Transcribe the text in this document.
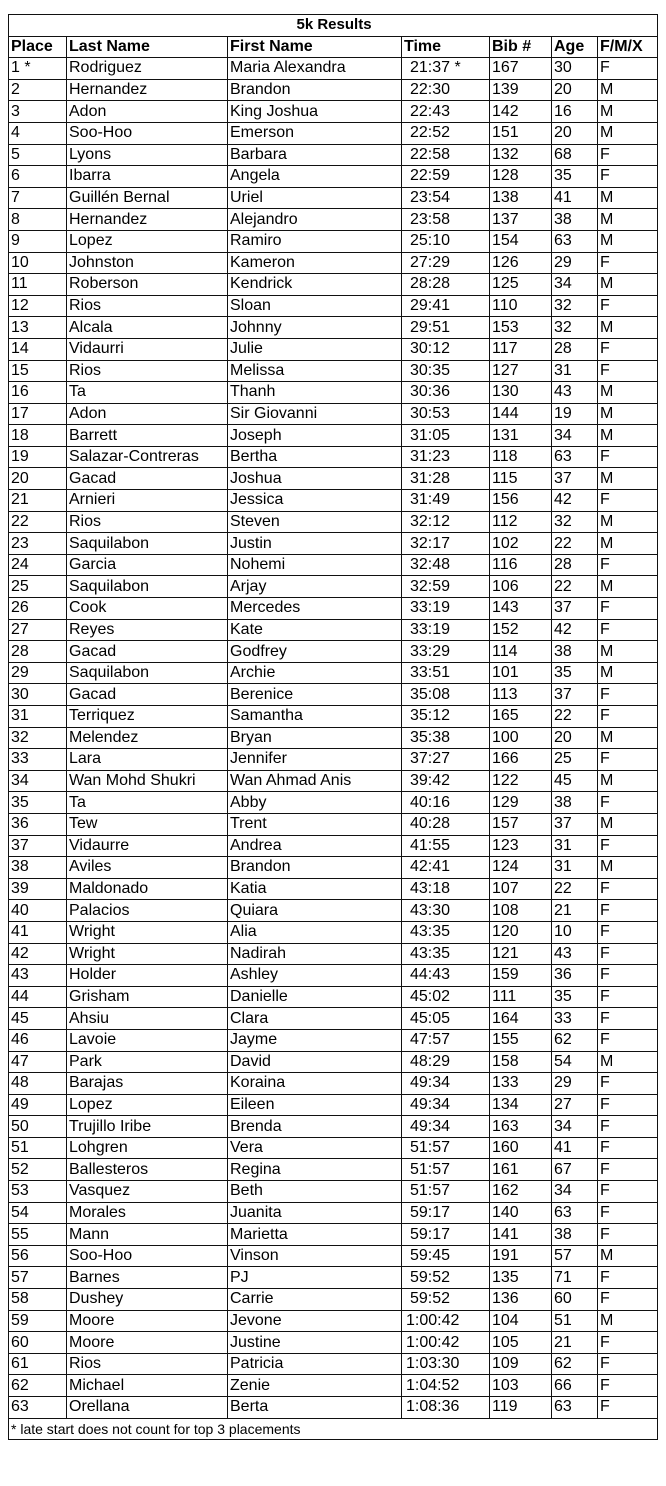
5k Results						
Place	Last Name	First Name	Time	Bib #	Age	F/M/X
1 *	Rodriguez	Maria Alexandra	21:37 *	167	30	F
2	Hernandez	Brandon	22:30	139	20	M
3	Adon	King Joshua	22:43	142	16	M
4	Soo-Hoo	Emerson	22:52	151	20	M
5	Lyons	Barbara	22:58	132	68	F
6	Ibarra	Angela	22:59	128	35	F
7	Guillén Bernal	Uriel	23:54	138	41	M
8	Hernandez	Alejandro	23:58	137	38	M
9	Lopez	Ramiro	25:10	154	63	M
10	Johnston	Kameron	27:29	126	29	F
11	Roberson	Kendrick	28:28	125	34	M
12	Rios	Sloan	29:41	110	32	F
13	Alcala	Johnny	29:51	153	32	M
14	Vidaurri	Julie	30:12	117	28	F
15	Rios	Melissa	30:35	127	31	F
16	Ta	Thanh	30:36	130	43	M
17	Adon	Sir Giovanni	30:53	144	19	M
18	Barrett	Joseph	31:05	131	34	M
19	Salazar-Contreras	Bertha	31:23	118	63	F
20	Gacad	Joshua	31:28	115	37	M
21	Arnieri	Jessica	31:49	156	42	F
22	Rios	Steven	32:12	112	32	M
23	Saquilabon	Justin	32:17	102	22	M
24	Garcia	Nohemi	32:48	116	28	F
25	Saquilabon	Arjay	32:59	106	22	M
26	Cook	Mercedes	33:19	143	37	F
27	Reyes	Kate	33:19	152	42	F
28	Gacad	Godfrey	33:29	114	38	M
29	Saquilabon	Archie	33:51	101	35	M
30	Gacad	Berenice	35:08	113	37	F
31	Terriquez	Samantha	35:12	165	22	F
32	Melendez	Bryan	35:38	100	20	M
33	Lara	Jennifer	37:27	166	25	F
34	Wan Mohd Shukri	Wan Ahmad Anis	39:42	122	45	M
35	Ta	Abby	40:16	129	38	F
36	Tew	Trent	40:28	157	37	M
37	Vidaurre	Andrea	41:55	123	31	F
38	Aviles	Brandon	42:41	124	31	M
39	Maldonado	Katia	43:18	107	22	F
40	Palacios	Quiara	43:30	108	21	F
41	Wright	Alia	43:35	120	10	F
42	Wright	Nadirah	43:35	121	43	F
43	Holder	Ashley	44:43	159	36	F
44	Grisham	Danielle	45:02	111	35	F
45	Ahsiu	Clara	45:05	164	33	F
46	Lavoie	Jayme	47:57	155	62	F
47	Park	David	48:29	158	54	M
48	Barajas	Koraina	49:34	133	29	F
49	Lopez	Eileen	49:34	134	27	F
50	Trujillo Iribe	Brenda	49:34	163	34	F
51	Lohgren	Vera	51:57	160	41	F
52	Ballesteros	Regina	51:57	161	67	F
53	Vasquez	Beth	51:57	162	34	F
54	Morales	Juanita	59:17	140	63	F
55	Mann	Marietta	59:17	141	38	F
56	Soo-Hoo	Vinson	59:45	191	57	M
57	Barnes	PJ	59:52	135	71	F
58	Dushey	Carrie	59:52	136	60	F
59	Moore	Jevone	1:00:42	104	51	M
60	Moore	Justine	1:00:42	105	21	F
61	Rios	Patricia	1:03:30	109	62	F
62	Michael	Zenie	1:04:52	103	66	F
63	Orellana	Berta	1:08:36	119	63	F
* late start does not count for top 3 placements						
